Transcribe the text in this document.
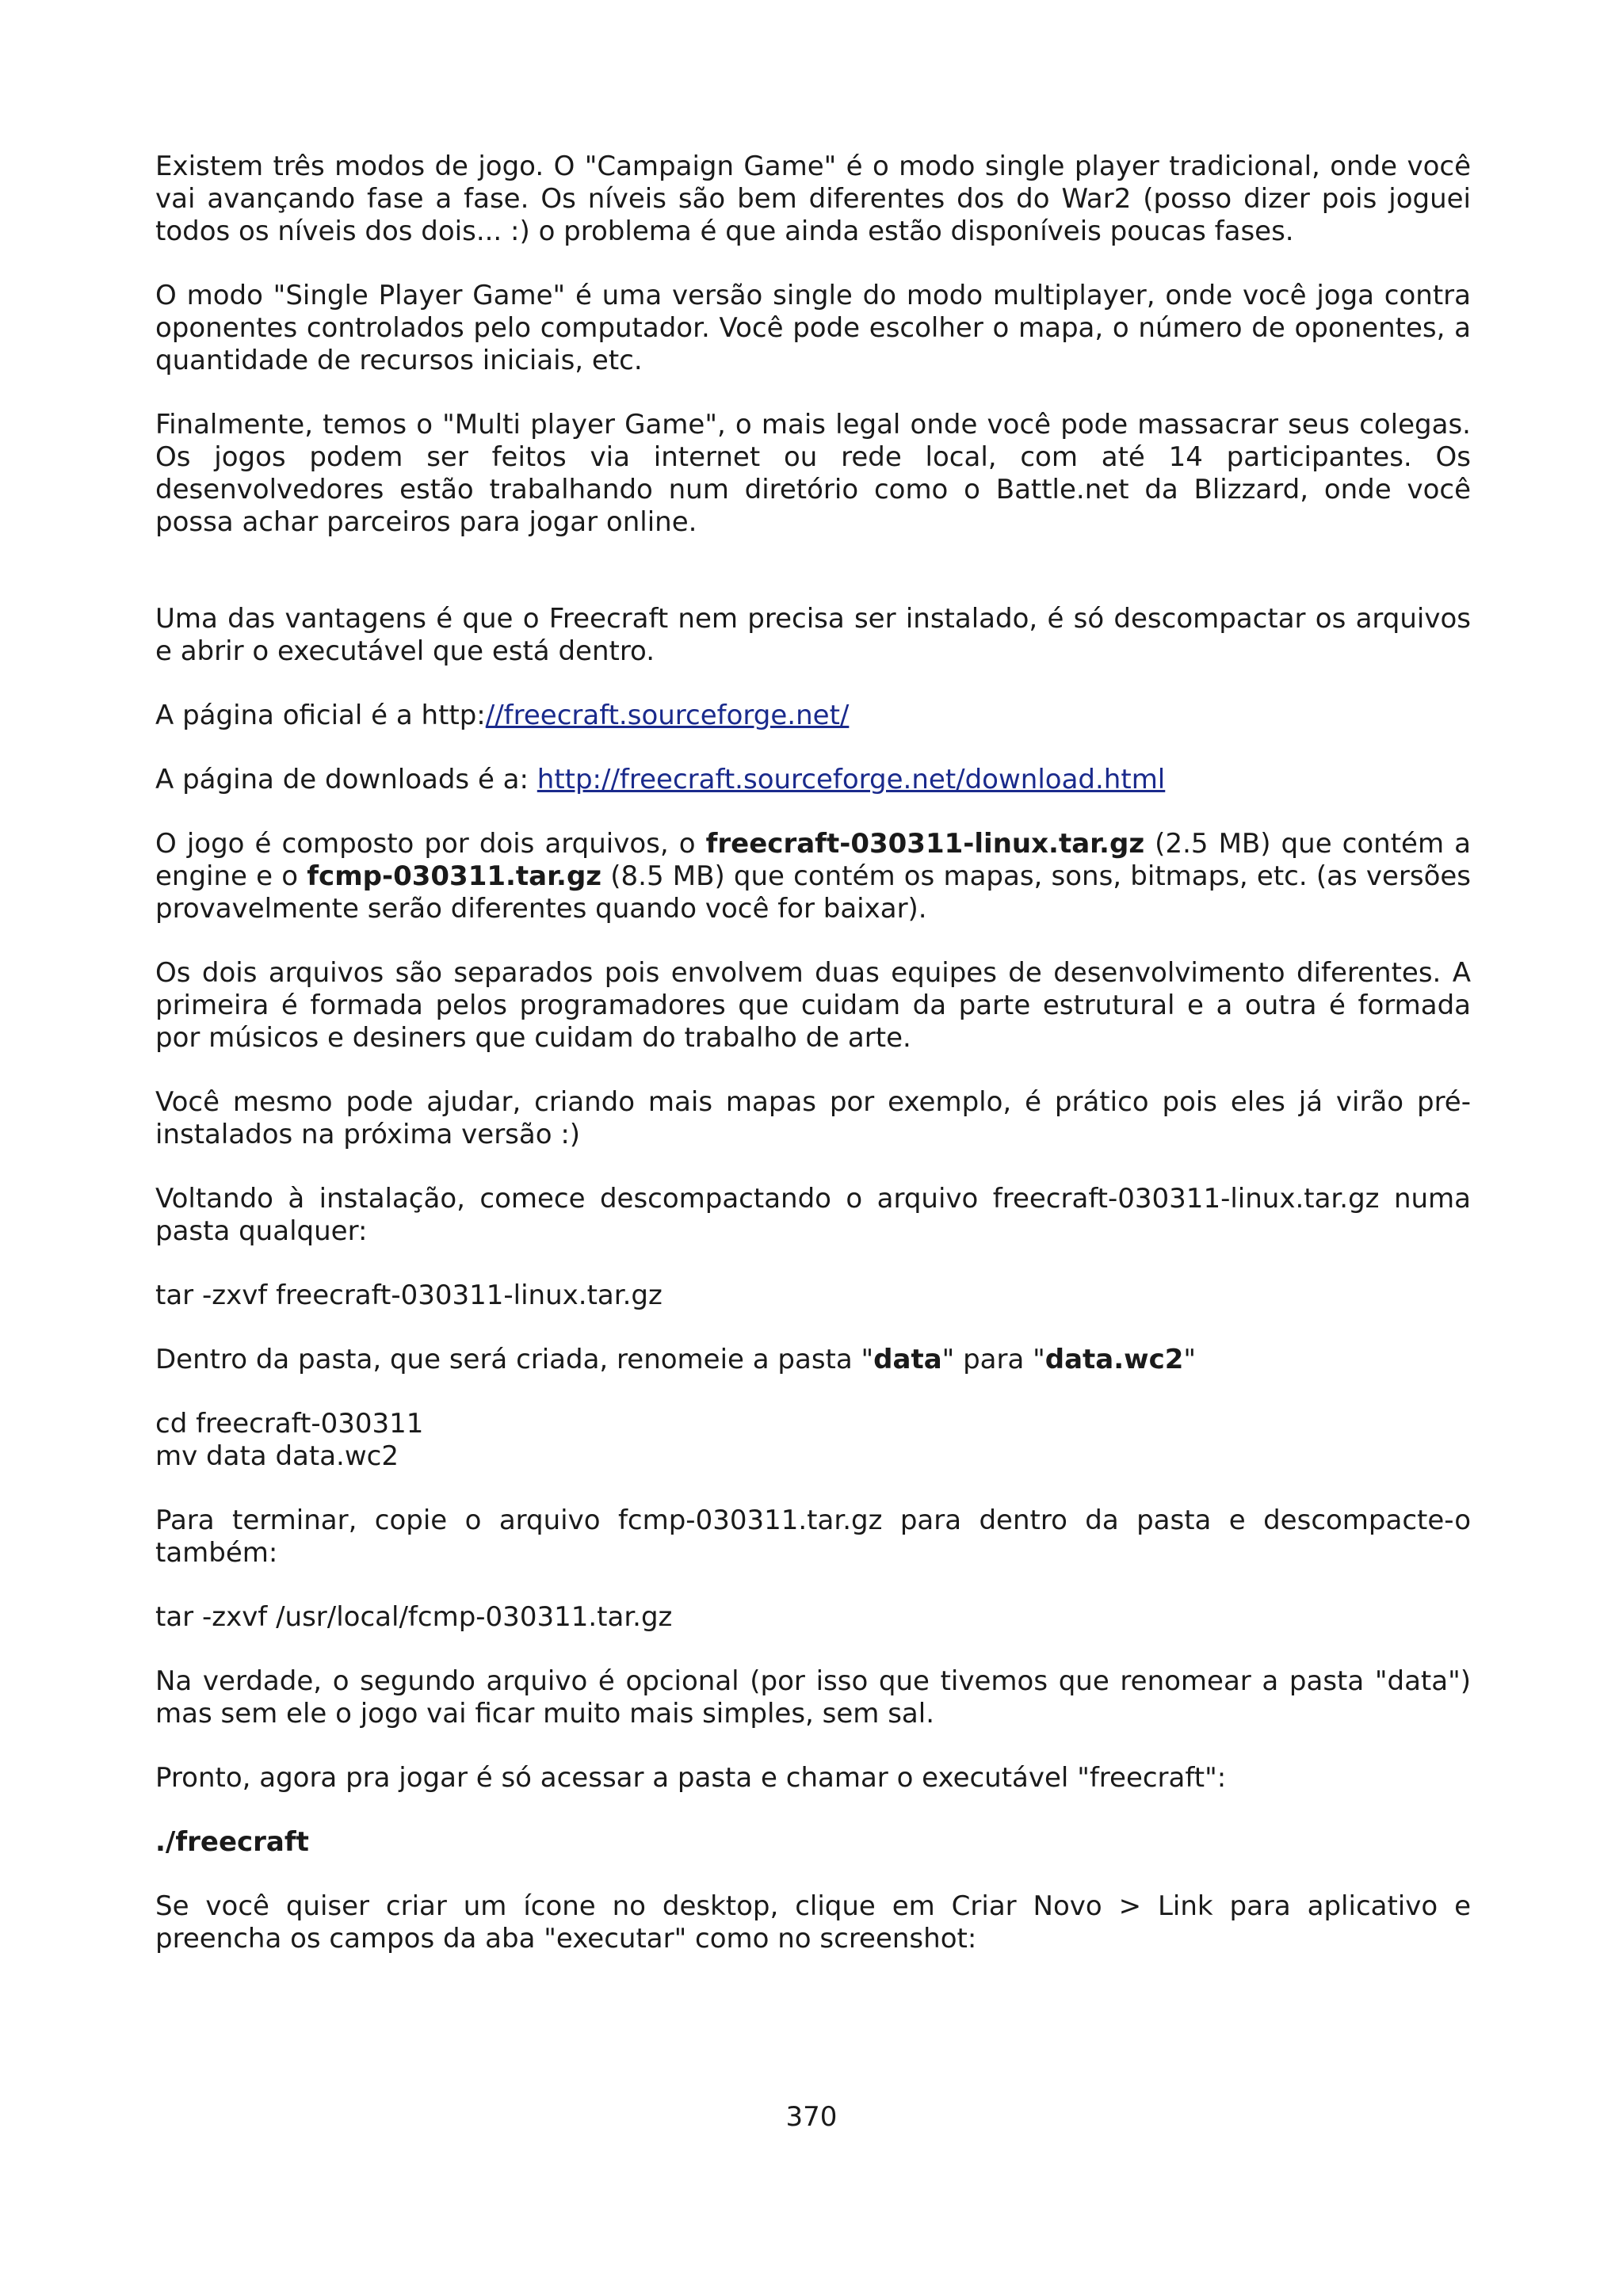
Existem três modos de jogo. O "Campaign Game" é o modo single player tradicional, onde você vai avançando fase a fase. Os níveis são bem diferentes dos do War2 (posso dizer pois joguei todos os níveis dos dois... :) o problema é que ainda estão disponíveis poucas fases.

O modo "Single Player Game" é uma versão single do modo multiplayer, onde você joga contra oponentes controlados pelo computador. Você pode escolher o mapa, o número de oponentes, a quantidade de recursos iniciais, etc.

Finalmente, temos o "Multi player Game", o mais legal onde você pode massacrar seus colegas. Os jogos podem ser feitos via internet ou rede local, com até 14 participantes. Os desenvolvedores estão trabalhando num diretório como o Battle.net da Blizzard, onde você possa achar parceiros para jogar online.

Uma das vantagens é que o Freecraft nem precisa ser instalado, é só descompactar os arquivos e abrir o executável que está dentro.

A página oficial é a http://freecraft.sourceforge.net/

A página de downloads é a: http://freecraft.sourceforge.net/download.html

O jogo é composto por dois arquivos, o freecraft-030311-linux.tar.gz (2.5 MB) que contém a engine e o fcmp-030311.tar.gz (8.5 MB) que contém os mapas, sons, bitmaps, etc. (as versões provavelmente serão diferentes quando você for baixar).

Os dois arquivos são separados pois envolvem duas equipes de desenvolvimento diferentes. A primeira é formada pelos programadores que cuidam da parte estrutural e a outra é formada por músicos e desiners que cuidam do trabalho de arte.

Você mesmo pode ajudar, criando mais mapas por exemplo, é prático pois eles já virão pré-instalados na próxima versão :)

Voltando à instalação, comece descompactando o arquivo freecraft-030311-linux.tar.gz numa pasta qualquer:

tar -zxvf freecraft-030311-linux.tar.gz

Dentro da pasta, que será criada, renomeie a pasta "data" para "data.wc2"

cd freecraft-030311

mv data data.wc2

Para terminar, copie o arquivo fcmp-030311.tar.gz para dentro da pasta e descompacte-o também:

tar -zxvf /usr/local/fcmp-030311.tar.gz

Na verdade, o segundo arquivo é opcional (por isso que tivemos que renomear a pasta "data") mas sem ele o jogo vai ficar muito mais simples, sem sal.

Pronto, agora pra jogar é só acessar a pasta e chamar o executável "freecraft":

./freecraft

Se você quiser criar um ícone no desktop, clique em Criar Novo > Link para aplicativo e preencha os campos da aba "executar" como no screenshot:

370
